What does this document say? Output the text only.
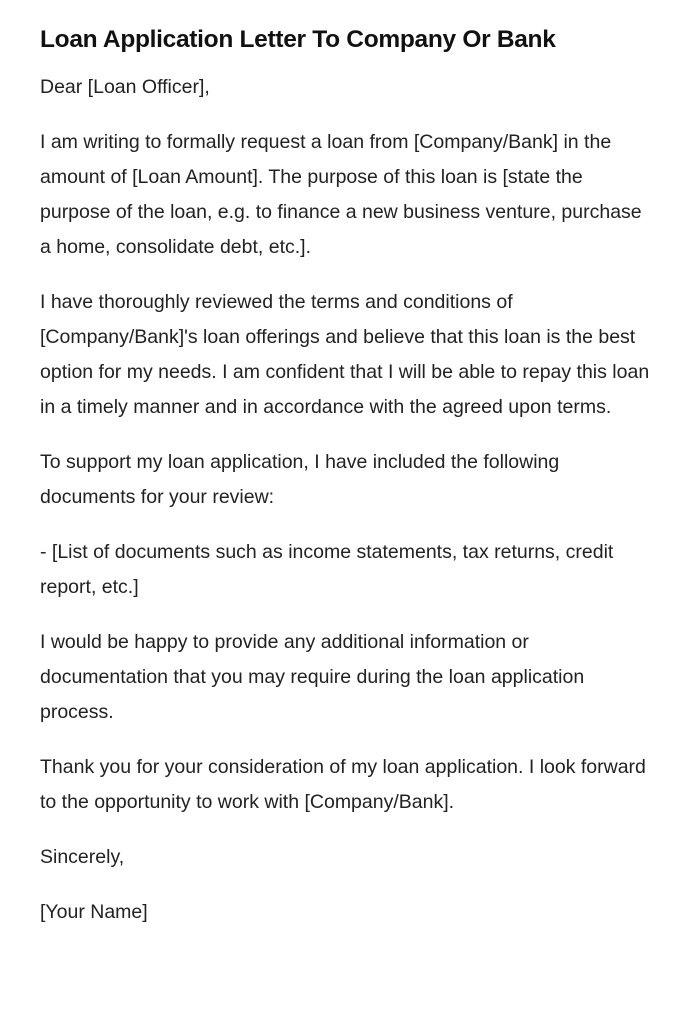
Loan Application Letter To Company Or Bank

Dear [Loan Officer],

I am writing to formally request a loan from [Company/Bank] in the amount of [Loan Amount]. The purpose of this loan is [state the purpose of the loan, e.g. to finance a new business venture, purchase a home, consolidate debt, etc.].

I have thoroughly reviewed the terms and conditions of [Company/Bank]'s loan offerings and believe that this loan is the best option for my needs. I am confident that I will be able to repay this loan in a timely manner and in accordance with the agreed upon terms.

To support my loan application, I have included the following documents for your review:

- [List of documents such as income statements, tax returns, credit report, etc.]

I would be happy to provide any additional information or documentation that you may require during the loan application process.

Thank you for your consideration of my loan application. I look forward to the opportunity to work with [Company/Bank].

Sincerely,

[Your Name]
